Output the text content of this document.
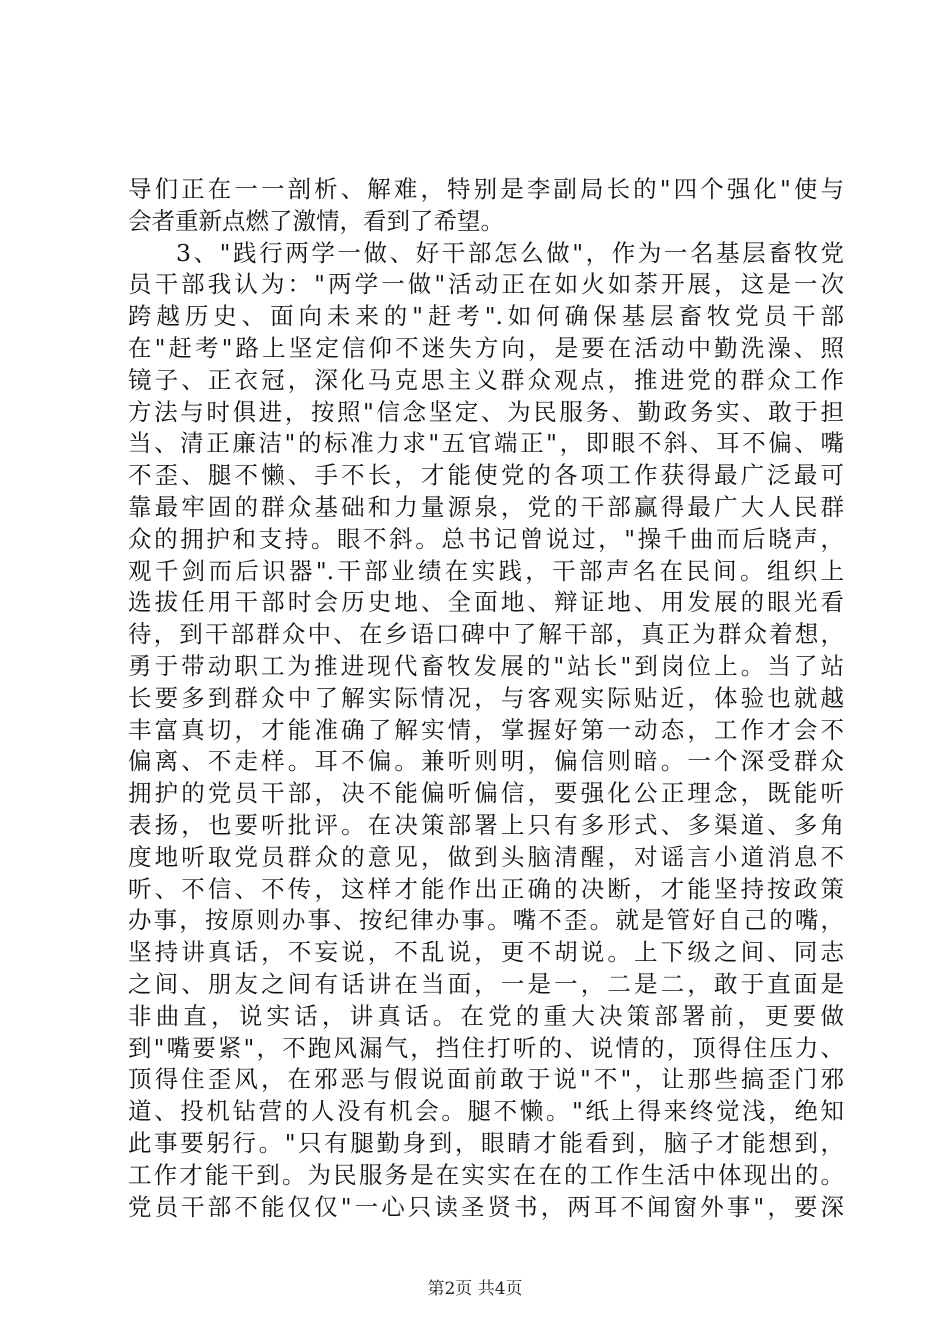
导们正在一一剖析、解难，特别是李副局长的"四个强化"使与
会者重新点燃了激情，看到了希望。
3、"践行两学一做、好干部怎么做"，作为一名基层畜牧党
员干部我认为："两学一做"活动正在如火如荼开展，这是一次
跨越历史、面向未来的"赶考".如何确保基层畜牧党员干部
在"赶考"路上坚定信仰不迷失方向，是要在活动中勤洗澡、照
镜子、正衣冠，深化马克思主义群众观点，推进党的群众工作
方法与时俱进，按照"信念坚定、为民服务、勤政务实、敢于担
当、清正廉洁"的标准力求"五官端正"，即眼不斜、耳不偏、嘴
不歪、腿不懒、手不长，才能使党的各项工作获得最广泛最可
靠最牢固的群众基础和力量源泉，党的干部赢得最广大人民群
众的拥护和支持。眼不斜。总书记曾说过，"操千曲而后晓声，
观千剑而后识器".干部业绩在实践，干部声名在民间。组织上
选拔任用干部时会历史地、全面地、辩证地、用发展的眼光看
待，到干部群众中、在乡语口碑中了解干部，真正为群众着想，
勇于带动职工为推进现代畜牧发展的"站长"到岗位上。当了站
长要多到群众中了解实际情况，与客观实际贴近，体验也就越
丰富真切，才能准确了解实情，掌握好第一动态，工作才会不
偏离、不走样。耳不偏。兼听则明，偏信则暗。一个深受群众
拥护的党员干部，决不能偏听偏信，要强化公正理念，既能听
表扬，也要听批评。在决策部署上只有多形式、多渠道、多角
度地听取党员群众的意见，做到头脑清醒，对谣言小道消息不
听、不信、不传，这样才能作出正确的决断，才能坚持按政策
办事，按原则办事、按纪律办事。嘴不歪。就是管好自己的嘴，
坚持讲真话，不妄说，不乱说，更不胡说。上下级之间、同志
之间、朋友之间有话讲在当面，一是一，二是二，敢于直面是
非曲直，说实话，讲真话。在党的重大决策部署前，更要做
到"嘴要紧"，不跑风漏气，挡住打听的、说情的，顶得住压力、
顶得住歪风，在邪恶与假说面前敢于说"不"，让那些搞歪门邪
道、投机钻营的人没有机会。腿不懒。"纸上得来终觉浅，绝知
此事要躬行。"只有腿勤身到，眼睛才能看到，脑子才能想到，
工作才能干到。为民服务是在实实在在的工作生活中体现出的。
党员干部不能仅仅"一心只读圣贤书，两耳不闻窗外事"，要深
第2页 共4页
